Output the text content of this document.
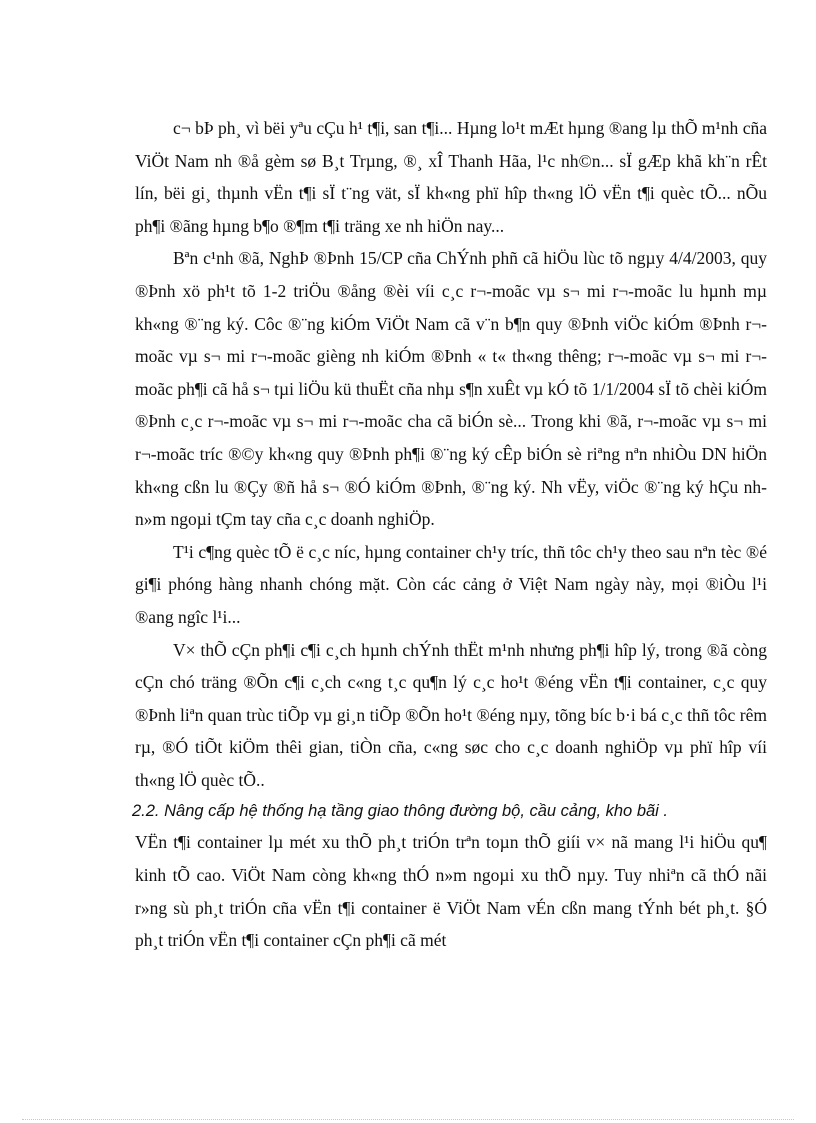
c¬ bÞ ph¸ vì bëi yªu cÇu h¹ t¶i, san t¶i... Hµng lo¹t mÆt hµng ®ang lµ thÕ m¹nh cña ViÖt Nam nh ®å gèm sø B¸t Trµng, ®¸ xÎ Thanh Hãa, l¹c nh©n... sÏ gÆp khã kh¨n rÊt lín, bëi gi¸ thµnh vËn t¶i sÏ t¨ng vät, sÏ kh«ng phï hîp th«ng lÖ vËn t¶i quèc tÕ... nÕu ph¶i ®ãng hµng b¶o ®¶m t¶i träng xe nh hiÖn nay...

Bªn c¹nh ®ã, NghÞ ®Þnh 15/CP cña ChÝnh phñ cã hiÖu lùc tõ ngµy 4/4/2003, quy ®Þnh xö ph¹t tõ 1-2 triÖu ®ång ®èi víi c¸c r¬-moãc vµ s¬ mi r¬-moãc lu hµnh mµ kh«ng ®¨ng ký. Côc ®¨ng kiÓm ViÖt Nam cã v¨n b¶n quy ®Þnh viÖc kiÓm ®Þnh r¬-moãc vµ s¬ mi r¬-moãc gièng nh kiÓm ®Þnh « t« th«ng thêng; r¬-moãc vµ s¬ mi r¬-moãc ph¶i cã hå s¬ tµi liÖu kü thuËt cña nhµ s¶n xuÊt vµ kÓ tõ 1/1/2004 sÏ tõ chèi kiÓm ®Þnh c¸c r¬-moãc vµ s¬ mi r¬-moãc cha cã biÓn sè... Trong khi ®ã, r¬-moãc vµ s¬ mi r¬-moãc tríc ®©y kh«ng quy ®Þnh ph¶i ®¨ng ký cÊp biÓn sè riªng nªn nhiÒu DN hiÖn kh«ng cßn lu ®Çy ®ñ hå s¬ ®Ó kiÓm ®Þnh, ®¨ng ký. Nh vËy, viÖc ®¨ng ký hÇu nh n»m ngoµi tÇm tay cña c¸c doanh nghiÖp.

T¹i c¶ng quèc tÕ ë c¸c níc, hµng container ch¹y tríc, thñ tôc ch¹y theo sau nªn tèc ®é gi¶i phóng hàng nhanh chóng mặt. Còn các cảng ở Việt Nam ngày này, mọi ®iÒu l¹i ®ang ngîc l¹i...

V× thÕ cÇn ph¶i c¶i c¸ch hµnh chÝnh thËt m¹nh nhưng ph¶i hîp lý, trong ®ã còng cÇn chó träng ®Õn c¶i c¸ch c«ng t¸c qu¶n lý c¸c ho¹t ®éng vËn t¶i container, c¸c quy ®Þnh liªn quan trùc tiÕp vµ gi¸n tiÕp ®Õn ho¹t ®éng nµy, tõng bíc b·i bá c¸c thñ tôc rêm rµ, ®Ó tiÕt kiÖm thêi gian, tiÒn cña, c«ng søc cho c¸c doanh nghiÖp vµ phï hîp víi th«ng lÖ quèc tÕ..

2.2. Nâng cấp hệ thống hạ tầng giao thông đường bộ, cầu cảng, kho bãi .

VËn t¶i container lµ mét xu thÕ ph¸t triÓn trªn toµn thÕ giíi v× nã mang l¹i hiÖu qu¶ kinh tÕ cao. ViÖt Nam còng kh«ng thÓ n»m ngoµi xu thÕ nµy. Tuy nhiªn cã thÓ nãi r»ng sù ph¸t triÓn cña vËn t¶i container ë ViÖt Nam vÉn cßn mang tÝnh bét ph¸t. §Ó ph¸t triÓn vËn t¶i container cÇn ph¶i cã mét
